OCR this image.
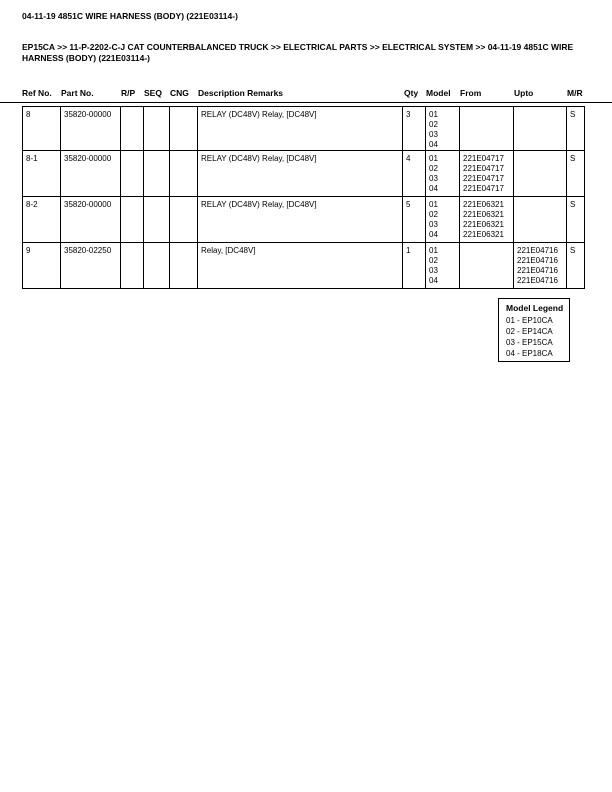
04-11-19 4851C WIRE HARNESS (BODY) (221E03114-)
EP15CA >> 11-P-2202-C-J CAT COUNTERBALANCED TRUCK >> ELECTRICAL PARTS >> ELECTRICAL SYSTEM >> 04-11-19 4851C WIRE HARNESS (BODY) (221E03114-)
Ref No. Part No.	R/P SEQ CNG Description Remarks	Qty Model From	Upto	M/R
8	35820-00000				RELAY (DC48V) Relay, [DC48V]	3	01
02
03
04			S
8-1	35820-00000				RELAY (DC48V) Relay, [DC48V]	4	01
02
03
04	221E04717
221E04717
221E04717
221E04717		S
8-2	35820-00000				RELAY (DC48V) Relay, [DC48V]	5	01
02
03
04	221E06321
221E06321
221E06321
221E06321		S
9	35820-02250				Relay, [DC48V]	1	01
02
03
04		221E04716
221E04716
221E04716
221E04716	S
Model Legend
01 - EP10CA
02 - EP14CA
03 - EP15CA
04 - EP18CA
